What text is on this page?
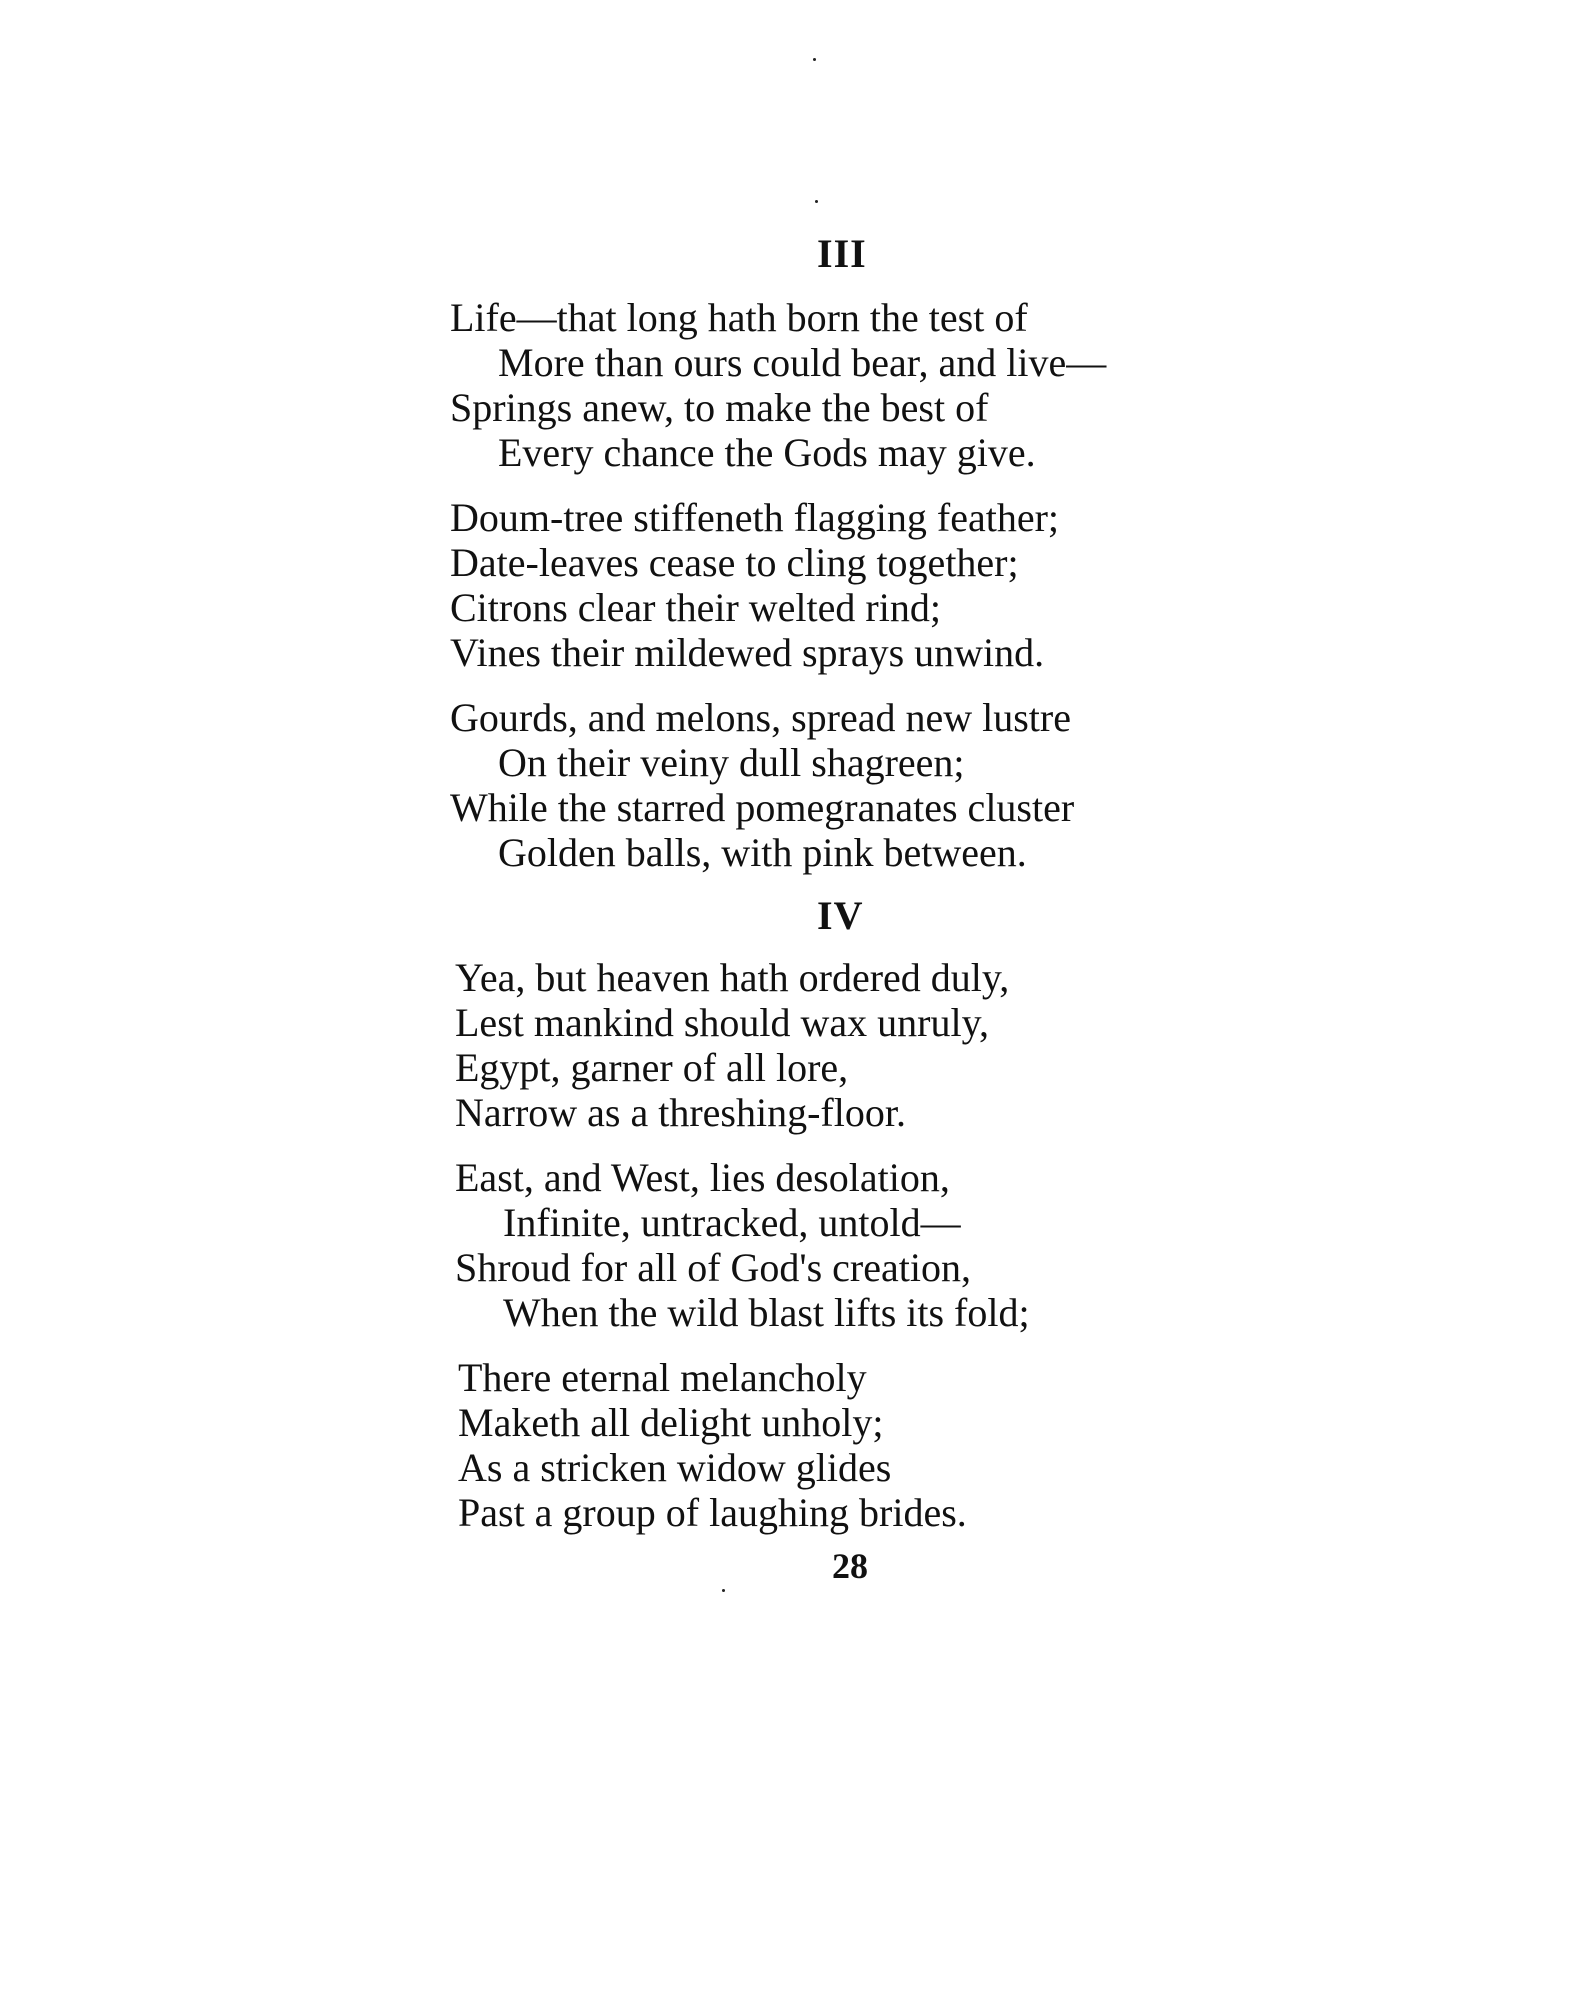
III
Life—that long hath born the test of
More than ours could bear, and live—
Springs anew, to make the best of
Every chance the Gods may give.
Doum-tree stiffeneth flagging feather;
Date-leaves cease to cling together;
Citrons clear their welted rind;
Vines their mildewed sprays unwind.
Gourds, and melons, spread new lustre
On their veiny dull shagreen;
While the starred pomegranates cluster
Golden balls, with pink between.
IV
Yea, but heaven hath ordered duly,
Lest mankind should wax unruly,
Egypt, garner of all lore,
Narrow as a threshing-floor.
East, and West, lies desolation,
Infinite, untracked, untold—
Shroud for all of God's creation,
When the wild blast lifts its fold;
There eternal melancholy
Maketh all delight unholy;
As a stricken widow glides
Past a group of laughing brides.
28
